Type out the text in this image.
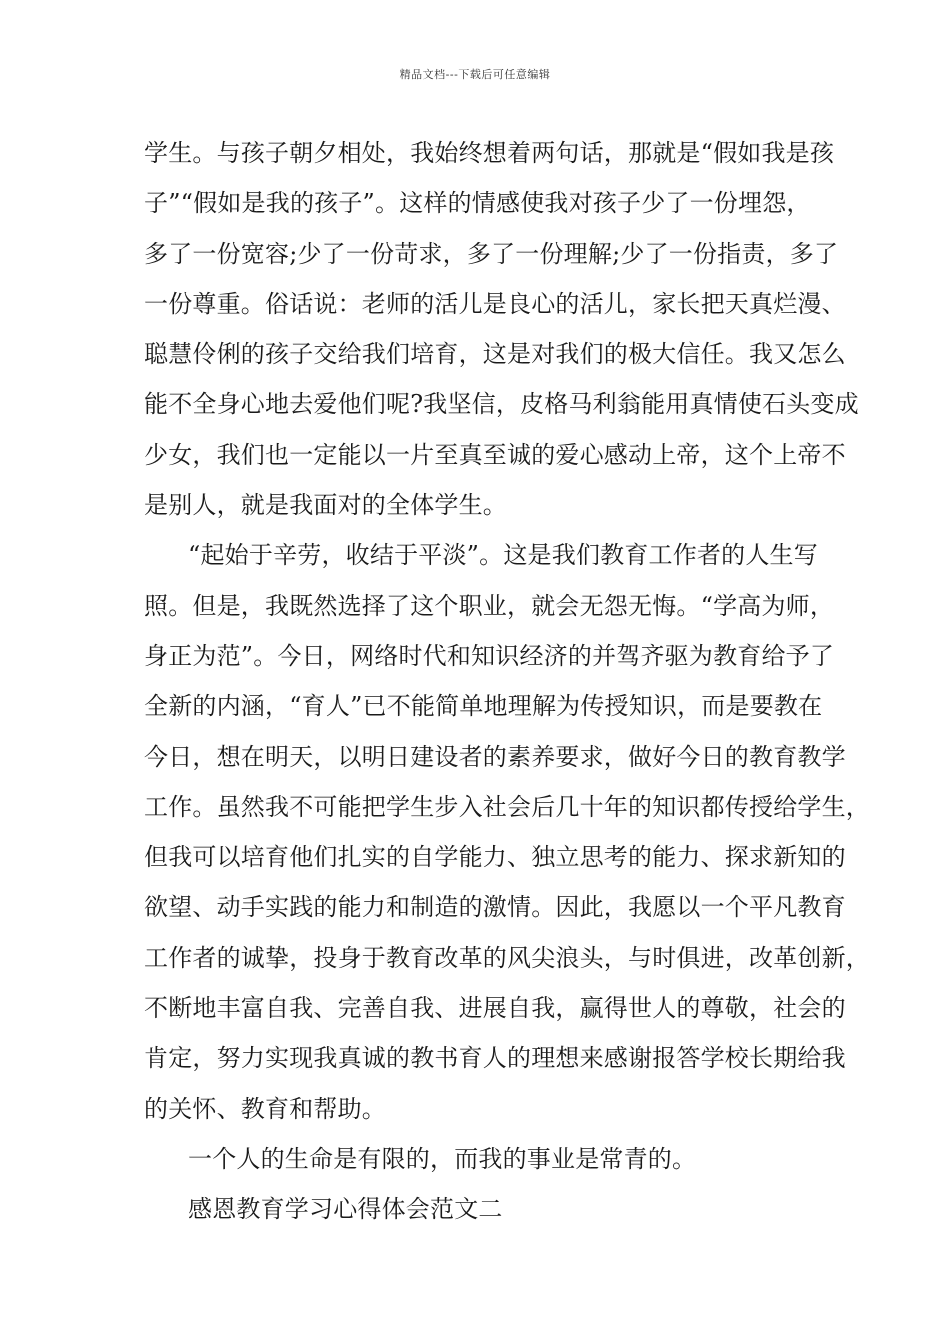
精品文档---下载后可任意编辑
学生。与孩子朝夕相处，我始终想着两句话，那就是“假如我是孩
子”“假如是我的孩子”。这样的情感使我对孩子少了一份埋怨，
多了一份宽容;少了一份苛求，多了一份理解;少了一份指责，多了
一份尊重。俗话说：老师的活儿是良心的活儿，家长把天真烂漫、
聪慧伶俐的孩子交给我们培育，这是对我们的极大信任。我又怎么
能不全身心地去爱他们呢?我坚信，皮格马利翁能用真情使石头变成
少女，我们也一定能以一片至真至诚的爱心感动上帝，这个上帝不
是别人，就是我面对的全体学生。
“起始于辛劳，收结于平淡”。这是我们教育工作者的人生写
照。但是，我既然选择了这个职业，就会无怨无悔。“学高为师，
身正为范”。今日，网络时代和知识经济的并驾齐驱为教育给予了
全新的内涵，“育人”已不能简单地理解为传授知识，而是要教在
今日，想在明天，以明日建设者的素养要求，做好今日的教育教学
工作。虽然我不可能把学生步入社会后几十年的知识都传授给学生，
但我可以培育他们扎实的自学能力、独立思考的能力、探求新知的
欲望、动手实践的能力和制造的激情。因此，我愿以一个平凡教育
工作者的诚挚，投身于教育改革的风尖浪头，与时俱进，改革创新，
不断地丰富自我、完善自我、进展自我，赢得世人的尊敬，社会的
肯定，努力实现我真诚的教书育人的理想来感谢报答学校长期给我
的关怀、教育和帮助。
一个人的生命是有限的，而我的事业是常青的。
感恩教育学习心得体会范文二
